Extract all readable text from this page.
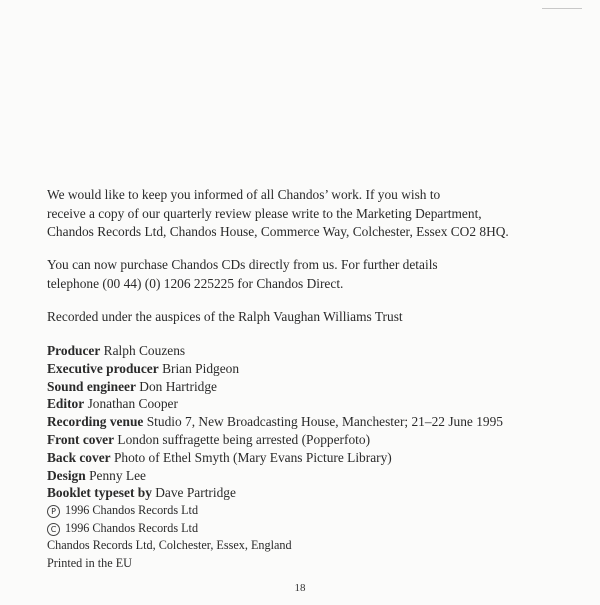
We would like to keep you informed of all Chandos’ work. If you wish to

receive a copy of our quarterly review please write to the Marketing Department,

Chandos Records Ltd, Chandos House, Commerce Way, Colchester, Essex CO2 8HQ.

You can now purchase Chandos CDs directly from us. For further details

telephone (00 44) (0) 1206 225225 for Chandos Direct.

Recorded under the auspices of the Ralph Vaughan Williams Trust

Producer Ralph Couzens

Executive producer Brian Pidgeon

Sound engineer Don Hartridge

Editor Jonathan Cooper

Recording venue Studio 7, New Broadcasting House, Manchester; 21–22 June 1995

Front cover London suffragette being arrested (Popperfoto)

Back cover Photo of Ethel Smyth (Mary Evans Picture Library)

Design Penny Lee

Booklet typeset by Dave Partridge

P 1996 Chandos Records Ltd

C 1996 Chandos Records Ltd

Chandos Records Ltd, Colchester, Essex, England

Printed in the EU

18
